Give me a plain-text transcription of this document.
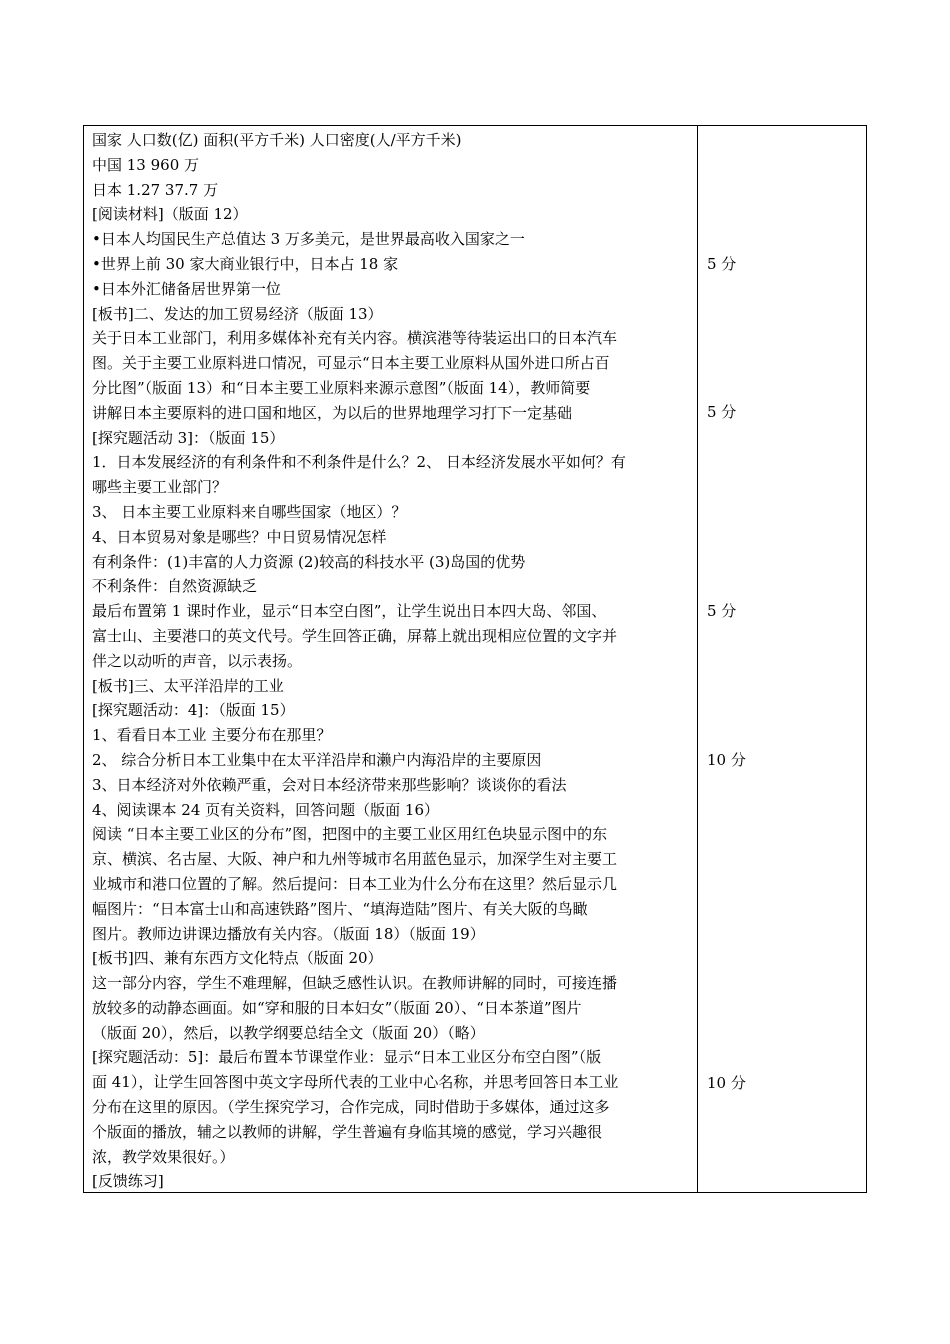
国家 人口数(亿) 面积(平方千米) 人口密度(人/平方千米)
中国 13 960 万
日本 1.27 37.7 万
[阅读材料]（版面 12）
•日本人均国民生产总值达 3 万多美元，是世界最高收入国家之一
•世界上前 30 家大商业银行中，日本占 18 家
•日本外汇储备居世界第一位
[板书]二、发达的加工贸易经济（版面 13）
关于日本工业部门，利用多媒体补充有关内容。横滨港等待装运出口的日本汽车
图。关于主要工业原料进口情况，可显示“日本主要工业原料从国外进口所占百
分比图”（版面 13）和“日本主要工业原料来源示意图”（版面 14），教师简要
讲解日本主要原料的进口国和地区，为以后的世界地理学习打下一定基础
[探究题活动 3]：（版面 15）
1．日本发展经济的有利条件和不利条件是什么？2、 日本经济发展水平如何？有
哪些主要工业部门？
3、 日本主要工业原料来自哪些国家（地区）？
4、日本贸易对象是哪些？中日贸易情况怎样
有利条件：(1)丰富的人力资源 (2)较高的科技水平 (3)岛国的优势
不利条件：自然资源缺乏
最后布置第 1 课时作业，显示“日本空白图”，让学生说出日本四大岛、邻国、
富士山、主要港口的英文代号。学生回答正确，屏幕上就出现相应位置的文字并
伴之以动听的声音，以示表扬。
[板书]三、太平洋沿岸的工业
[探究题活动：4]：（版面 15）
1、看看日本工业 主要分布在那里？
2、 综合分析日本工业集中在太平洋沿岸和濑户内海沿岸的主要原因
3、日本经济对外依赖严重，会对日本经济带来那些影响？谈谈你的看法
4、阅读课本 24 页有关资料，回答问题（版面 16）
阅读 “日本主要工业区的分布”图，把图中的主要工业区用红色块显示图中的东
京、横滨、名古屋、大阪、神户和九州等城市名用蓝色显示，加深学生对主要工
业城市和港口位置的了解。然后提问：日本工业为什么分布在这里？然后显示几
幅图片：“日本富士山和高速铁路”图片、“填海造陆”图片、有关大阪的鸟瞰
图片。教师边讲课边播放有关内容。（版面 18）（版面 19）
[板书]四、兼有东西方文化特点（版面 20）
这一部分内容，学生不难理解，但缺乏感性认识。在教师讲解的同时，可接连播
放较多的动静态画面。如“穿和服的日本妇女”（版面 20）、“日本茶道”图片
（版面 20），然后，以教学纲要总结全文（版面 20）（略）
[探究题活动：5]：最后布置本节课堂作业：显示“日本工业区分布空白图”（版
面 41），让学生回答图中英文字母所代表的工业中心名称，并思考回答日本工业
分布在这里的原因。（学生探究学习，合作完成，同时借助于多媒体，通过这多
个版面的播放，辅之以教师的讲解，学生普遍有身临其境的感觉，学习兴趣很
浓，教学效果很好。）
[反馈练习]
5 分
5 分
5 分
10 分
10 分
